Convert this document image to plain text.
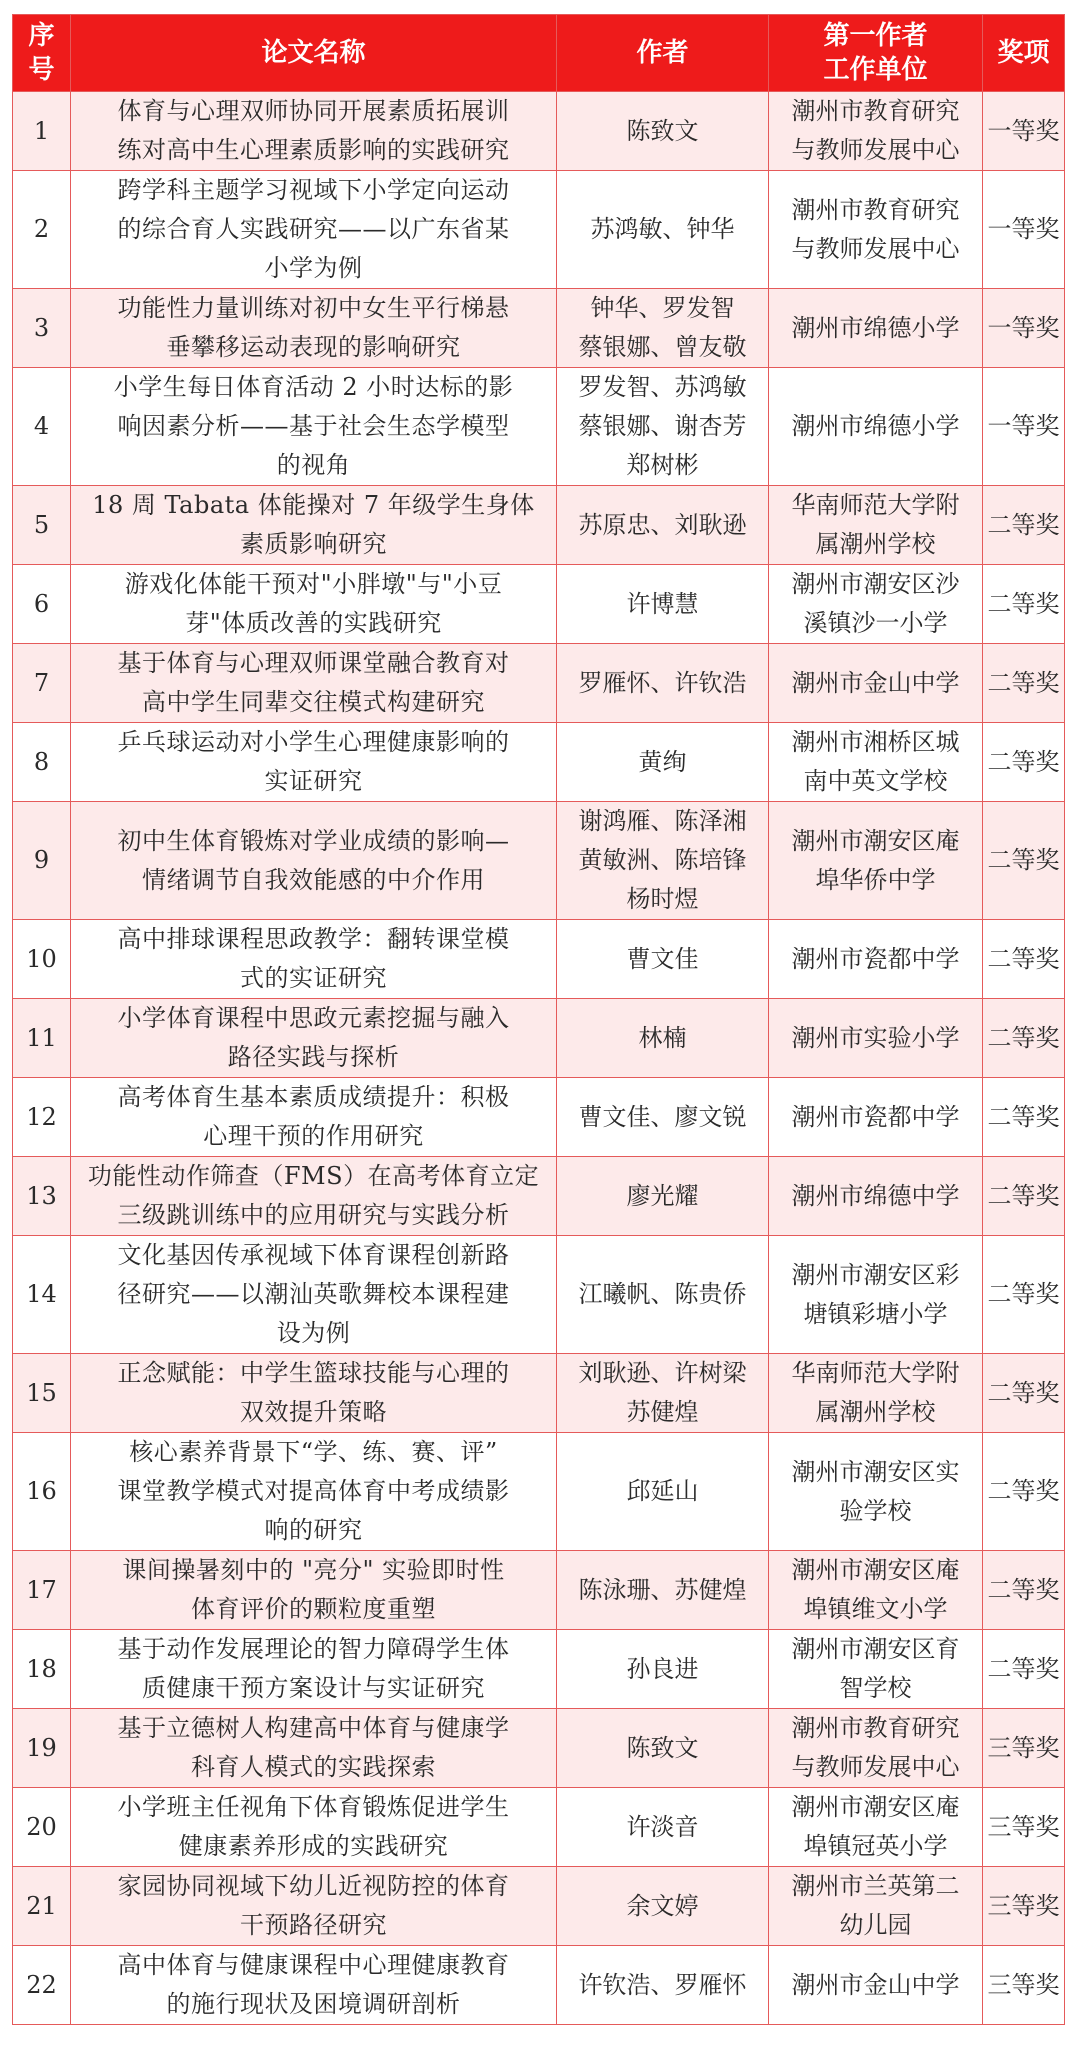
序
号	论文名称	作者	第一作者
工作单位	奖项
1	体育与心理双师协同开展素质拓展训
练对高中生心理素质影响的实践研究	陈致文	潮州市教育研究
与教师发展中心	一等奖
2	跨学科主题学习视域下小学定向运动
的综合育人实践研究——以广东省某
小学为例	苏鸿敏、钟华	潮州市教育研究
与教师发展中心	一等奖
3	功能性力量训练对初中女生平行梯悬
垂攀移运动表现的影响研究	钟华、罗发智
蔡银娜、曾友敬	潮州市绵德小学	一等奖
4	小学生每日体育活动 2 小时达标的影
响因素分析——基于社会生态学模型
的视角	罗发智、苏鸿敏
蔡银娜、谢杏芳
郑树彬	潮州市绵德小学	一等奖
5	18 周 Tabata 体能操对 7 年级学生身体
素质影响研究	苏原忠、刘耿逊	华南师范大学附
属潮州学校	二等奖
6	游戏化体能干预对"小胖墩"与"小豆
芽"体质改善的实践研究	许博慧	潮州市潮安区沙
溪镇沙一小学	二等奖
7	基于体育与心理双师课堂融合教育对
高中学生同辈交往模式构建研究	罗雁怀、许钦浩	潮州市金山中学	二等奖
8	乒乓球运动对小学生心理健康影响的
实证研究	黄绚	潮州市湘桥区城
南中英文学校	二等奖
9	初中生体育锻炼对学业成绩的影响—
情绪调节自我效能感的中介作用	谢鸿雁、陈泽湘
黄敏洲、陈培锋
杨时煜	潮州市潮安区庵
埠华侨中学	二等奖
10	高中排球课程思政教学：翻转课堂模
式的实证研究	曹文佳	潮州市瓷都中学	二等奖
11	小学体育课程中思政元素挖掘与融入
路径实践与探析	林楠	潮州市实验小学	二等奖
12	高考体育生基本素质成绩提升：积极
心理干预的作用研究	曹文佳、廖文锐	潮州市瓷都中学	二等奖
13	功能性动作筛查（FMS）在高考体育立定
三级跳训练中的应用研究与实践分析	廖光耀	潮州市绵德中学	二等奖
14	文化基因传承视域下体育课程创新路
径研究——以潮汕英歌舞校本课程建
设为例	江曦帆、陈贵侨	潮州市潮安区彩
塘镇彩塘小学	二等奖
15	正念赋能：中学生篮球技能与心理的
双效提升策略	刘耿逊、许树梁
苏健煌	华南师范大学附
属潮州学校	二等奖
16	核心素养背景下“学、练、赛、评”
课堂教学模式对提高体育中考成绩影
响的研究	邱延山	潮州市潮安区实
验学校	二等奖
17	课间操暑刻中的 "亮分" 实验即时性
体育评价的颗粒度重塑	陈泳珊、苏健煌	潮州市潮安区庵
埠镇维文小学	二等奖
18	基于动作发展理论的智力障碍学生体
质健康干预方案设计与实证研究	孙良进	潮州市潮安区育
智学校	二等奖
19	基于立德树人构建高中体育与健康学
科育人模式的实践探索	陈致文	潮州市教育研究
与教师发展中心	三等奖
20	小学班主任视角下体育锻炼促进学生
健康素养形成的实践研究	许淡音	潮州市潮安区庵
埠镇冠英小学	三等奖
21	家园协同视域下幼儿近视防控的体育
干预路径研究	余文婷	潮州市兰英第二
幼儿园	三等奖
22	高中体育与健康课程中心理健康教育
的施行现状及困境调研剖析	许钦浩、罗雁怀	潮州市金山中学	三等奖
